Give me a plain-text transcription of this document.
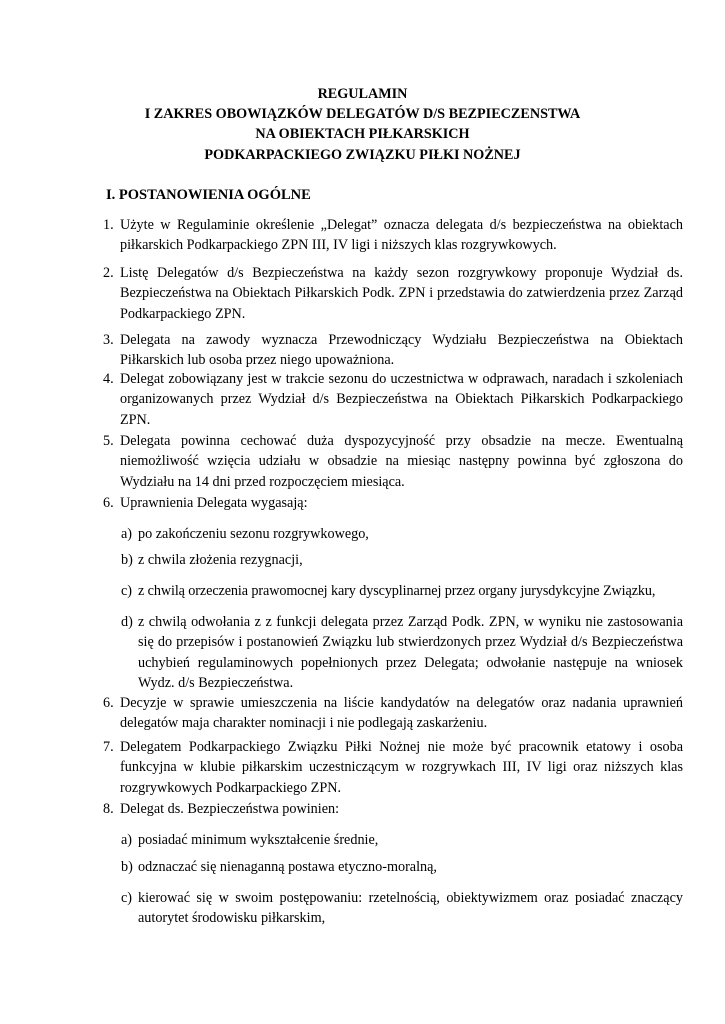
REGULAMIN
I ZAKRES OBOWIĄZKÓW DELEGATÓW D/S BEZPIECZENSTWA
NA OBIEKTACH PIŁKARSKICH
PODKARPACKIEGO ZWIĄZKU PIŁKI NOŻNEJ
I. POSTANOWIENIA OGÓLNE
1. Użyte w Regulaminie określenie „Delegat” oznacza delegata d/s bezpieczeństwa na obiektach piłkarskich Podkarpackiego ZPN III, IV ligi i niższych klas rozgrywkowych.
2. Listę Delegatów d/s Bezpieczeństwa na każdy sezon rozgrywkowy proponuje Wydział ds. Bezpieczeństwa na Obiektach Piłkarskich Podk. ZPN i przedstawia do zatwierdzenia przez Zarząd Podkarpackiego ZPN.
3. Delegata na zawody wyznacza Przewodniczący Wydziału Bezpieczeństwa na Obiektach Piłkarskich lub osoba przez niego upoważniona.
4. Delegat zobowiązany jest w trakcie sezonu do uczestnictwa w odprawach, naradach i szkoleniach organizowanych przez Wydział d/s Bezpieczeństwa na Obiektach Piłkarskich Podkarpackiego ZPN.
5. Delegata powinna cechować duża dyspozycyjność przy obsadzie na mecze. Ewentualną niemożliwość wzięcia udziału w obsadzie na miesiąc następny powinna być zgłoszona do Wydziału na 14 dni przed rozpoczęciem miesiąca.
6. Uprawnienia Delegata wygasają:
a) po zakończeniu sezonu rozgrywkowego,
b) z chwila złożenia rezygnacji,
c) z chwilą orzeczenia prawomocnej kary dyscyplinarnej przez organy jurysdykcyjne Związku,
d) z chwilą odwołania z z funkcji delegata przez Zarząd Podk. ZPN, w wyniku nie zastosowania się do przepisów i postanowień Związku lub stwierdzonych przez Wydział d/s Bezpieczeństwa uchybień regulaminowych popełnionych przez Delegata; odwołanie następuje na wniosek Wydz. d/s Bezpieczeństwa.
6. Decyzje w sprawie umieszczenia na liście kandydatów na delegatów oraz nadania uprawnień delegatów maja charakter nominacji i nie podlegają zaskarżeniu.
7. Delegatem Podkarpackiego Związku Piłki Nożnej nie może być pracownik etatowy i osoba funkcyjna w klubie piłkarskim uczestniczącym w rozgrywkach III, IV ligi oraz niższych klas rozgrywkowych Podkarpackiego ZPN.
8. Delegat ds. Bezpieczeństwa powinien:
a) posiadać minimum wykształcenie średnie,
b) odznaczać się nienaganną postawa etyczno-moralną,
c) kierować się w swoim postępowaniu: rzetelnością, obiektywizmem oraz posiadać znaczący autorytet środowisku piłkarskim,
